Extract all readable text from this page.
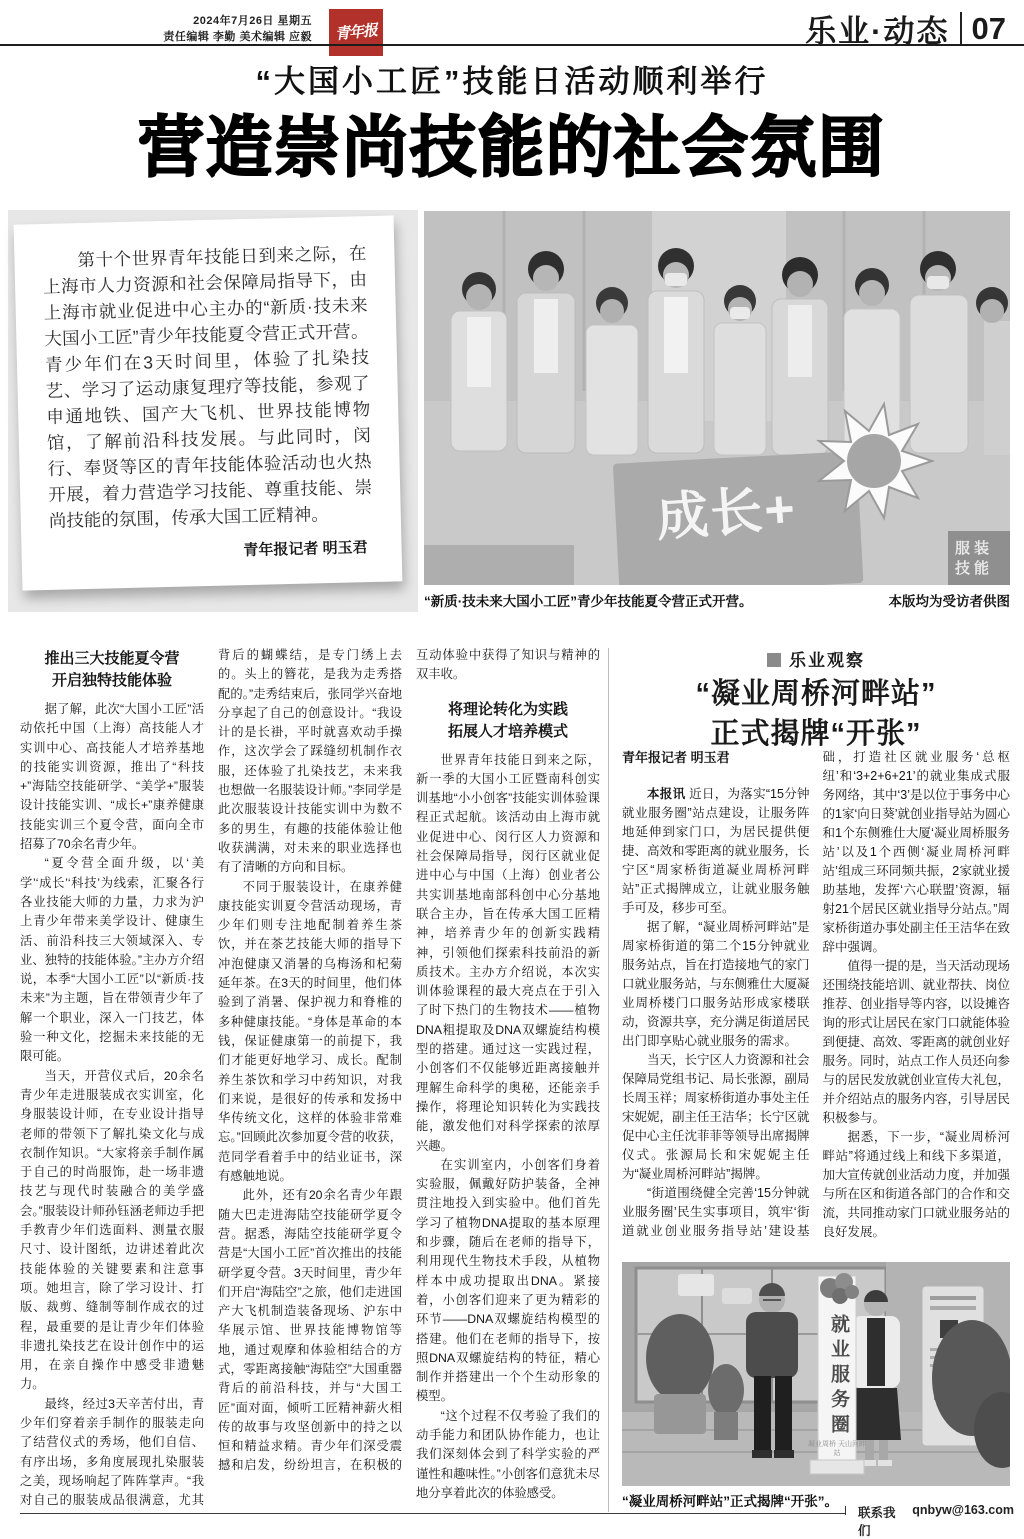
2024年7月26日 星期五
责任编辑 李勤 美术编辑 应毅 青年报	乐业·动态 07
“大国小工匠”技能日活动顺利举行
营造崇尚技能的社会氛围
第十个世界青年技能日到来之际，在上海市人力资源和社会保障局指导下，由上海市就业促进中心主办的“新质·技未来大国小工匠”青少年技能夏令营正式开营。青少年们在3天时间里，体验了扎染技艺、学习了运动康复理疗等技能，参观了申通地铁、国产大飞机、世界技能博物馆，了解前沿科技发展。与此同时，闵行、奉贤等区的青年技能体验活动也火热开展，着力营造学习技能、尊重技能、崇尚技能的氛围，传承大国工匠精神。
青年报记者 明玉君
成长+
服装技能
“新质·技未来大国小工匠”青少年技能夏令营正式开营。	本版均为受访者供图
推出三大技能夏令营
开启独特技能体验

据了解，此次“大国小工匠”活动依托中国（上海）高技能人才实训中心、高技能人才培养基地的技能实训资源，推出了“科技+”海陆空技能研学、“美学+”服装设计技能实训、“成长+”康养健康技能实训三个夏令营，面向全市招募了70余名青少年。

“夏令营全面升级，以‘美学’‘成长’‘科技’为线索，汇聚各行各业技能大师的力量，力求为沪上青少年带来美学设计、健康生活、前沿科技三大领域深入、专业、独特的技能体验。”主办方介绍说，本季“大国小工匠”以“新质·技未来”为主题，旨在带领青少年了解一个职业，深入一门技艺，体验一种文化，挖掘未来技能的无限可能。

当天，开营仪式后，20余名青少年走进服装成衣实训室，化身服装设计师，在专业设计指导老师的带领下了解扎染文化与成衣制作知识。“大家将亲手制作属于自己的时尚服饰，赴一场非遗技艺与现代时装融合的美学盛会。”服装设计师孙钰涵老师边手把手教青少年们选面料、测量衣服尺寸、设计图纸，边讲述着此次技能体验的关键要素和注意事项。她坦言，除了学习设计、打版、裁剪、缝制等制作成衣的过程，最重要的是让青少年们体验非遗扎染技艺在设计创作中的运用，在亲自操作中感受非遗魅力。

最终，经过3天辛苦付出，青少年们穿着亲手制作的服装走向了结营仪式的秀场，他们自信、有序出场，多角度展现扎染服装之美，现场响起了阵阵掌声。“我对自己的服装成品很满意，尤其背后的蝴蝶结，是专门绣上去的。头上的簪花，是我为走秀搭配的。”走秀结束后，张同学兴奋地分享起了自己的创意设计。“我设计的是长褂，平时就喜欢动手操作，这次学会了踩缝纫机制作衣服，还体验了扎染技艺，未来我也想做一名服装设计师。”李同学是此次服装设计技能实训中为数不多的男生，有趣的技能体验让他收获满满，对未来的职业选择也有了清晰的方向和目标。

不同于服装设计，在康养健康技能实训夏令营活动现场，青少年们则专注地配制着养生茶饮，并在茶艺技能大师的指导下冲泡健康又消暑的乌梅汤和杞菊延年茶。在3天的时间里，他们体验到了消暑、保护视力和脊椎的多种健康技能。“身体是革命的本钱，保证健康第一的前提下，我们才能更好地学习、成长。配制养生茶饮和学习中药知识，对我们来说，是很好的传承和发扬中华传统文化，这样的体验非常难忘。”回顾此次参加夏令营的收获，范同学看着手中的结业证书，深有感触地说。

此外，还有20余名青少年跟随大巴走进海陆空技能研学夏令营。据悉，海陆空技能研学夏令营是“大国小工匠”首次推出的技能研学夏令营。3天时间里，青少年们开启“海陆空”之旅，他们走进国产大飞机制造装备现场、沪东中华展示馆、世界技能博物馆等地，通过观摩和体验相结合的方式，零距离接触“海陆空”大国重器背后的前沿科技，并与“大国工匠”面对面，倾听工匠精神薪火相传的故事与攻坚创新中的持之以恒和精益求精。青少年们深受震撼和启发，纷纷坦言，在积极的互动体验中获得了知识与精神的双丰收。

将理论转化为实践
拓展人才培养模式

世界青年技能日到来之际，新一季的大国小工匠暨南科创实训基地“小小创客”技能实训体验课程正式起航。该活动由上海市就业促进中心、闵行区人力资源和社会保障局指导，闵行区就业促进中心与中国（上海）创业者公共实训基地南部科创中心分基地联合主办，旨在传承大国工匠精神，培养青少年的创新实践精神，引领他们探索科技前沿的新质技术。主办方介绍说，本次实训体验课程的最大亮点在于引入了时下热门的生物技术——植物DNA粗提取及DNA双螺旋结构模型的搭建。通过这一实践过程，小创客们不仅能够近距离接触并理解生命科学的奥秘，还能亲手操作，将理论知识转化为实践技能，激发他们对科学探索的浓厚兴趣。

在实训室内，小创客们身着实验服，佩戴好防护装备，全神贯注地投入到实验中。他们首先学习了植物DNA提取的基本原理和步骤，随后在老师的指导下，利用现代生物技术手段，从植物样本中成功提取出DNA。紧接着，小创客们迎来了更为精彩的环节——DNA双螺旋结构模型的搭建。他们在老师的指导下，按照DNA双螺旋结构的特征，精心制作并搭建出一个个生动形象的模型。

“这个过程不仅考验了我们的动手能力和团队协作能力，也让我们深刻体会到了科学实验的严谨性和趣味性。”小创客们意犹未尽地分享着此次的体验感受。

乐业观察
“凝业周桥河畔站”
正式揭牌“开张”

青年报记者 明玉君

本报讯 近日，为落实“15分钟就业服务圈”站点建设，让服务阵地延伸到家门口，为居民提供便捷、高效和零距离的就业服务，长宁区“周家桥街道凝业周桥河畔站”正式揭牌成立，让就业服务触手可及，移步可至。

据了解，“凝业周桥河畔站”是周家桥街道的第二个15分钟就业服务站点，旨在打造接地气的家门口就业服务站，与东侧雅仕大厦凝业周桥楼门口服务站形成家楼联动，资源共享，充分满足街道居民出门即享贴心就业服务的需求。

当天，长宁区人力资源和社会保障局党组书记、局长张源，副局长周玉祥；周家桥街道办事处主任宋妮妮，副主任王洁华；长宁区就促中心主任沈菲菲等领导出席揭牌仪式。张源局长和宋妮妮主任为“凝业周桥河畔站”揭牌。

“街道围绕健全完善‘15分钟就业服务圈’民生实事项目，筑牢‘街道就业创业服务指导站’建设基础，打造社区就业服务‘总枢纽’和‘3+2+6+21’的就业集成式服务网络，其中‘3’是以位于事务中心的1家‘向日葵’就创业指导站为圆心和1个东侧雅仕大厦‘凝业周桥服务站’以及1个西侧‘凝业周桥河畔站’组成三环同频共振，2家就业援助基地，发挥‘六心联盟’资源，辐射21个居民区就业指导分站点。”周家桥街道办事处副主任王洁华在致辞中强调。

值得一提的是，当天活动现场还围绕技能培训、就业帮扶、岗位推荐、创业指导等内容，以设摊咨询的形式让居民在家门口就能体验到便捷、高效、零距离的就创业好服务。同时，站点工作人员还向参与的居民发放就创业宣传大礼包，并介绍站点的服务内容，引导居民积极参与。

据悉，下一步，“凝业周桥河畔站”将通过线上和线下多渠道，加大宣传就创业活动力度，并加强与所在区和街道各部门的合作和交流，共同推动家门口就业服务站的良好发展。

就业服务圈
凝业周桥 天山河畔站
“凝业周桥河畔站”正式揭牌“开张”。
联系我们
qnbyw@163.com
